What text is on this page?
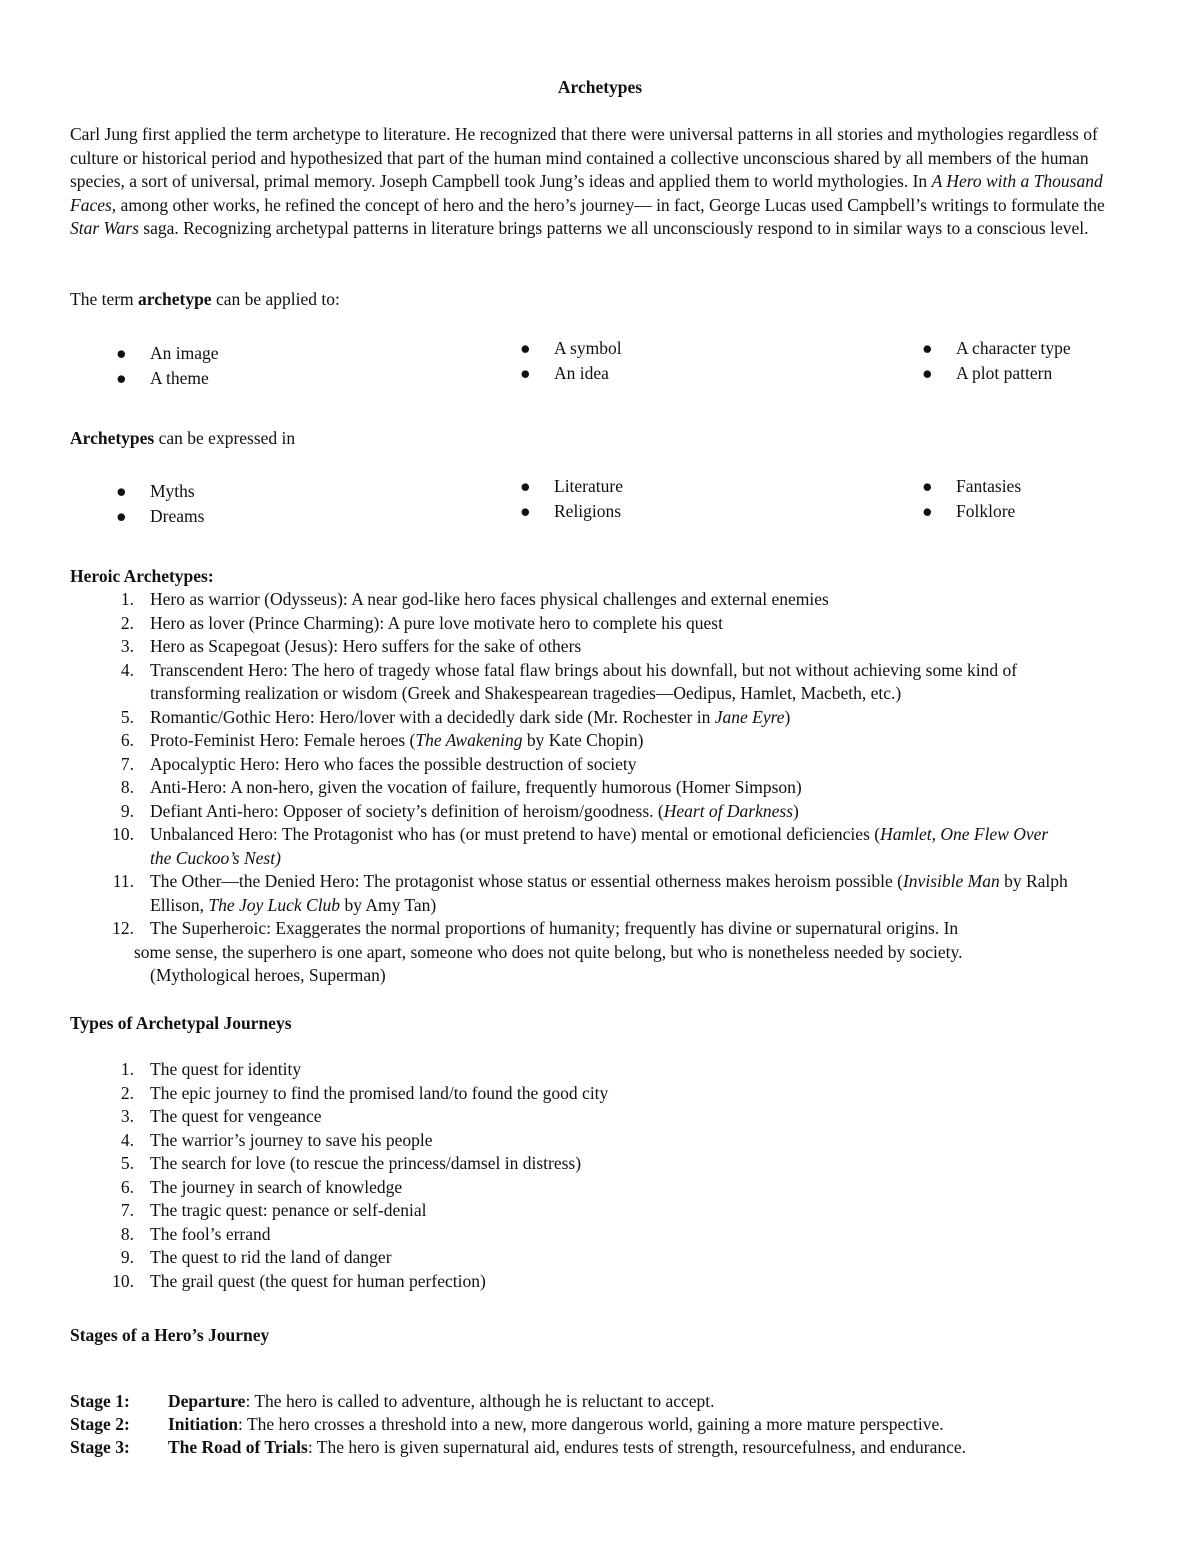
Archetypes

Carl Jung first applied the term archetype to literature. He recognized that there were universal patterns in all stories and mythologies regardless of culture or historical period and hypothesized that part of the human mind contained a collective unconscious shared by all members of the human species, a sort of universal, primal memory. Joseph Campbell took Jung’s ideas and applied them to world mythologies. In A Hero with a Thousand Faces, among other works, he refined the concept of hero and the hero’s journey— in fact, George Lucas used Campbell’s writings to formulate the Star Wars saga. Recognizing archetypal patterns in literature brings patterns we all unconsciously respond to in similar ways to a conscious level.

The term archetype can be applied to:
● An image
● A theme
● A symbol
● An idea
● A character type
● A plot pattern
Archetypes can be expressed in
● Myths
● Dreams
● Literature
● Religions
● Fantasies
● Folklore
Heroic Archetypes:
1. Hero as warrior (Odysseus): A near god-like hero faces physical challenges and external enemies
2. Hero as lover (Prince Charming): A pure love motivate hero to complete his quest
3. Hero as Scapegoat (Jesus): Hero suffers for the sake of others
4. Transcendent Hero: The hero of tragedy whose fatal flaw brings about his downfall, but not without achieving some kind of transforming realization or wisdom (Greek and Shakespearean tragedies—Oedipus, Hamlet, Macbeth, etc.)
5. Romantic/Gothic Hero: Hero/lover with a decidedly dark side (Mr. Rochester in Jane Eyre)
6. Proto-Feminist Hero: Female heroes (The Awakening by Kate Chopin)
7. Apocalyptic Hero: Hero who faces the possible destruction of society
8. Anti-Hero: A non-hero, given the vocation of failure, frequently humorous (Homer Simpson)
9. Defiant Anti-hero: Opposer of society’s definition of heroism/goodness. (Heart of Darkness)
10. Unbalanced Hero: The Protagonist who has (or must pretend to have) mental or emotional deficiencies (Hamlet, One Flew Over the Cuckoo’s Nest)
11. The Other—the Denied Hero: The protagonist whose status or essential otherness makes heroism possible (Invisible Man by Ralph Ellison, The Joy Luck Club by Amy Tan)
12. The Superheroic: Exaggerates the normal proportions of humanity; frequently has divine or supernatural origins. In
some sense, the superhero is one apart, someone who does not quite belong, but who is nonetheless needed by society.
(Mythological heroes, Superman)
Types of Archetypal Journeys
1. The quest for identity
2. The epic journey to find the promised land/to found the good city
3. The quest for vengeance
4. The warrior’s journey to save his people
5. The search for love (to rescue the princess/damsel in distress)
6. The journey in search of knowledge
7. The tragic quest: penance or self-denial
8. The fool’s errand
9. The quest to rid the land of danger
10. The grail quest (the quest for human perfection)
Stages of a Hero’s Journey
Stage 1: Departure: The hero is called to adventure, although he is reluctant to accept.
Stage 2: Initiation: The hero crosses a threshold into a new, more dangerous world, gaining a more mature perspective.
Stage 3: The Road of Trials: The hero is given supernatural aid, endures tests of strength, resourcefulness, and endurance.
